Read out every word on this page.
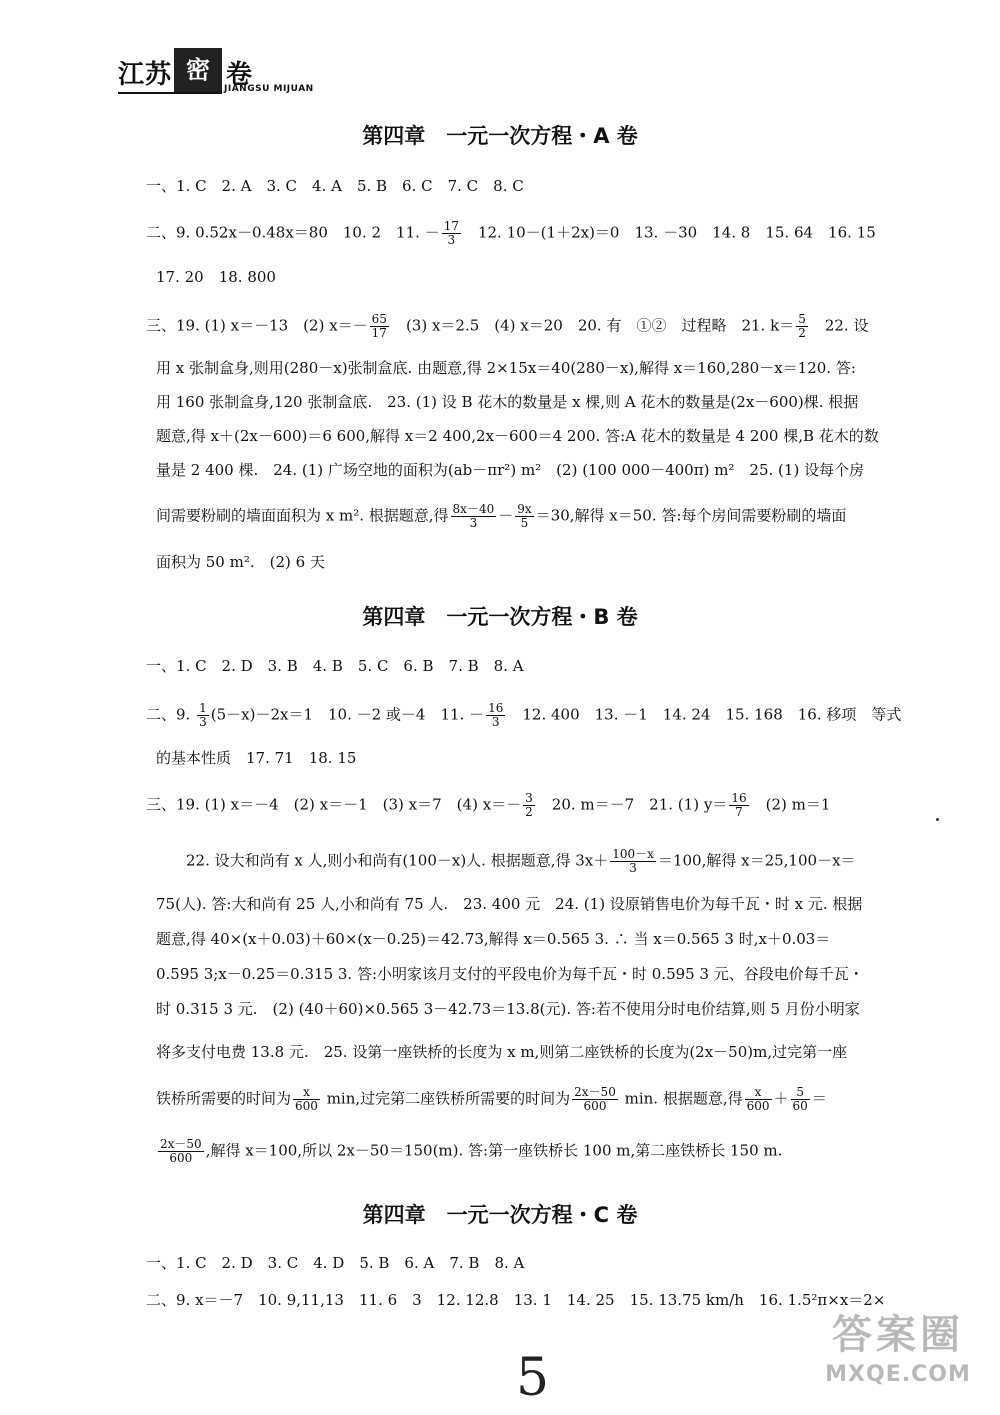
江苏 密 卷
JIANGSU MIJUAN
第四章　一元一次方程・A 卷
一、1. C　2. A　3. C　4. A　5. B　6. C　7. C　8. C
二、9. 0.52x－0.48x＝80　10. 2　11. － $\frac{17}{3}$ 　12. 10－(1＋2x)＝0　13. －30　14. 8　15. 64　16. 15
17. 20　18. 800
三、19. (1) x＝－13　(2) $x=- \frac{65}{17}$ 　(3) x＝2.5　(4) x＝20　20. 有　①②　过程略　21. $k= \frac{5}{2}$ 　22. 设
用 x 张制盒身,则用(280－x)张制盒底. 由题意,得 2×15x＝40(280－x),解得 x＝160,280－x＝120. 答:
用 160 张制盒身,120 张制盒底.　23. (1) 设 B 花木的数量是 x 棵,则 A 花木的数量是(2x－600)棵. 根据
题意,得 x＋(2x－600)＝6 600,解得 x＝2 400,2x－600＝4 200. 答:A 花木的数量是 4 200 棵,B 花木的数
量是 2 400 棵.　24. (1) 广场空地的面积为(ab－πr²) m²　(2) (100 000－400π) m²　25. (1) 设每个房
间需要粉刷的墙面面积为 x m². 根据题意,得 $\frac{8x-40}{3} - \frac{9x}{5} =30$,解得 x＝50. 答:每个房间需要粉刷的墙面
面积为 50 m².　(2) 6 天
第四章　一元一次方程・B 卷
一、1. C　2. D　3. B　4. B　5. C　6. B　7. B　8. A
二、9. $\frac{1}{3} (5-x)-2x=1$　10. －2 或－4　11. － $\frac{16}{3}$ 　12. 400　13. －1　14. 24　15. 168　16. 移项　等式
的基本性质　17. 71　18. 15
三、19. (1) x＝－4　(2) x＝－1　(3) x＝7　(4) $x=- \frac{3}{2}$ 　20. m＝－7　21. (1) $y= \frac{16}{7}$ 　(2) m＝1
22. 设大和尚有 x 人,则小和尚有(100－x)人. 根据题意,得 $3x+ \frac{100-x}{3} =100$,解得 x＝25,100－x＝
75(人). 答:大和尚有 25 人,小和尚有 75 人.　23. 400 元　24. (1) 设原销售电价为每千瓦・时 x 元. 根据
题意,得 40×(x＋0.03)＋60×(x－0.25)＝42.73,解得 x＝0.565 3. ∴ 当 x＝0.565 3 时,x＋0.03＝
0.595 3;x－0.25＝0.315 3. 答:小明家该月支付的平段电价为每千瓦・时 0.595 3 元、谷段电价每千瓦・
时 0.315 3 元.　(2) (40＋60)×0.565 3－42.73＝13.8(元). 答:若不使用分时电价结算,则 5 月份小明家
将多支付电费 13.8 元.　25. 设第一座铁桥的长度为 x m,则第二座铁桥的长度为(2x－50)m,过完第一座
铁桥所需要的时间为 $\frac{x}{600} \min$,过完第二座铁桥所需要的时间为 $\frac{2x-50}{600} \min$. 根据题意,得 $\frac{x}{600} + \frac{5}{60}$ ＝
$\frac{2x-50}{600}$ ,解得 x＝100,所以 2x－50＝150(m). 答:第一座铁桥长 100 m,第二座铁桥长 150 m.
第四章　一元一次方程・C 卷
一、1. C　2. D　3. C　4. D　5. B　6. A　7. B　8. A
二、9. x＝－7　10. 9,11,13　11. 6　3　12. 12.8　13. 1　14. 25　15. 13.75 km/h　16. 1.5²π×x＝2×
5
答案圈
MXQE.COM
